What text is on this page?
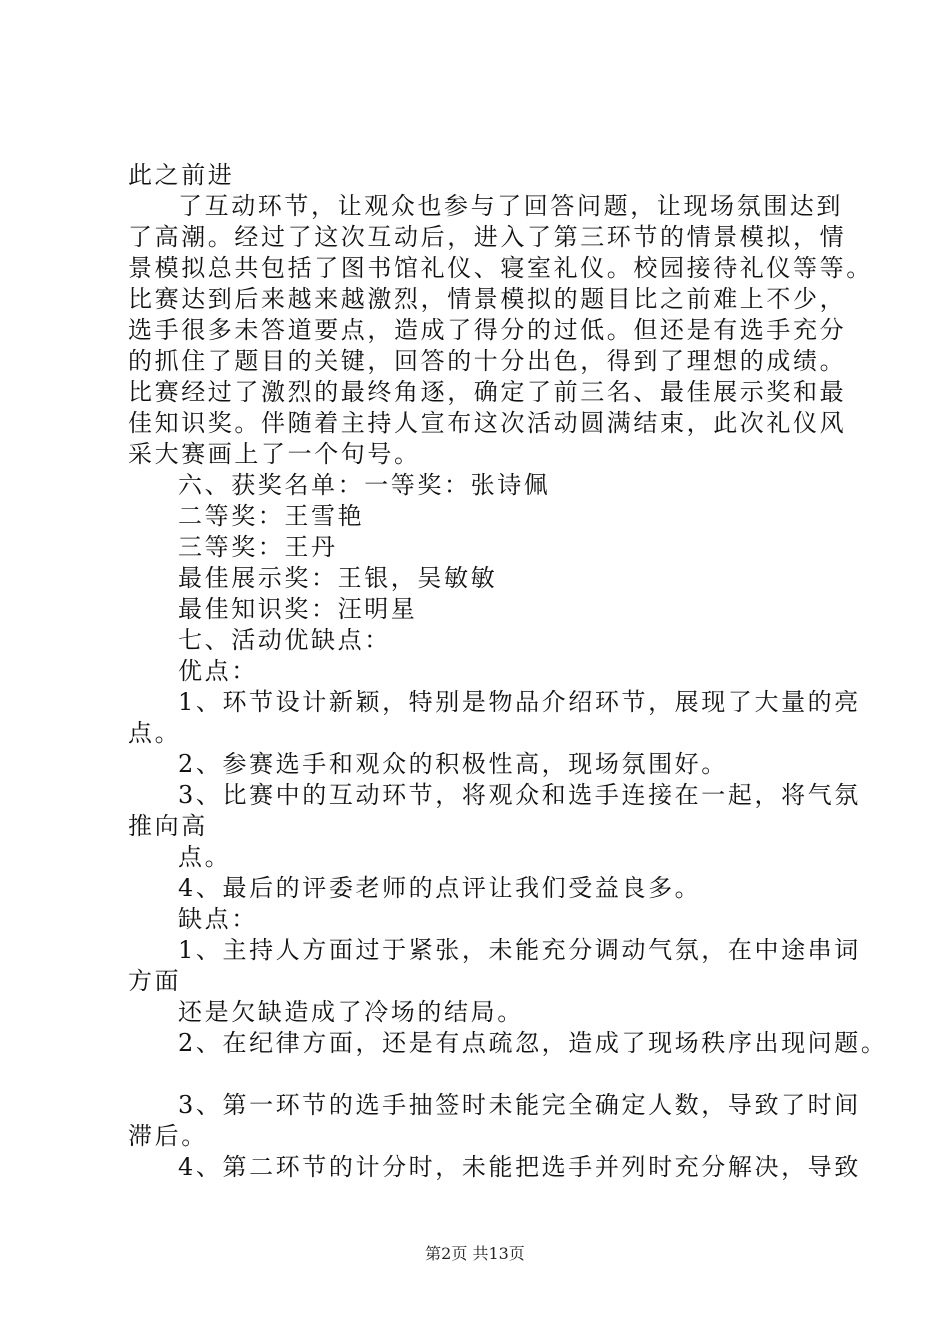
此之前进
了互动环节，让观众也参与了回答问题，让现场氛围达到
了高潮。经过了这次互动后，进入了第三环节的情景模拟，情
景模拟总共包括了图书馆礼仪、寝室礼仪。校园接待礼仪等等。
比赛达到后来越来越激烈，情景模拟的题目比之前难上不少，
选手很多未答道要点，造成了得分的过低。但还是有选手充分
的抓住了题目的关键，回答的十分出色，得到了理想的成绩。
比赛经过了激烈的最终角逐，确定了前三名、最佳展示奖和最
佳知识奖。伴随着主持人宣布这次活动圆满结束，此次礼仪风
采大赛画上了一个句号。
六、获奖名单：一等奖：张诗佩
二等奖：王雪艳
三等奖：王丹
最佳展示奖：王银，吴敏敏
最佳知识奖：汪明星
七、活动优缺点：
优点：
1、环节设计新颖，特别是物品介绍环节，展现了大量的亮
点。
2、参赛选手和观众的积极性高，现场氛围好。
3、比赛中的互动环节，将观众和选手连接在一起，将气氛
推向高
点。
4、最后的评委老师的点评让我们受益良多。
缺点：
1、主持人方面过于紧张，未能充分调动气氛，在中途串词
方面
还是欠缺造成了冷场的结局。
2、在纪律方面，还是有点疏忽，造成了现场秩序出现问题。
3、第一环节的选手抽签时未能完全确定人数，导致了时间
滞后。
4、第二环节的计分时，未能把选手并列时充分解决，导致
第2页 共13页
